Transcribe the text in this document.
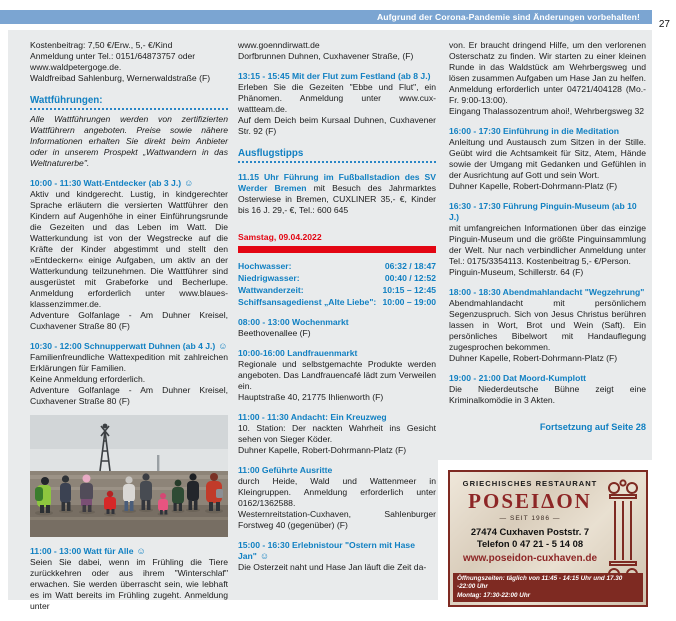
Aufgrund der Corona-Pandemie sind Änderungen vorbehalten!
27
Kostenbeitrag: 7,50 €/Erw., 5,- €/Kind
Anmeldung unter Tel.: 0151/64873757 oder
www.waldpetergoge.de.
Waldfreibad Sahlenburg, Wernerwaldstraße (F)
Wattführungen:
Alle Wattführungen werden von zertifizierten Wattführern angeboten. Preise sowie nähere Informationen erhalten Sie direkt beim Anbieter oder in unserem Prospekt „Wattwandern in das Weltnaturerbe".
10:00 - 11:30 Watt-Entdecker (ab 3 J.) ☺
Aktiv und kindgerecht. Lustig, in kindgerechter Sprache erläutern die versierten Wattführer den Kindern auf Augenhöhe in einer Einführungsrunde die Gezeiten und das Leben im Watt. Die Watterkundung ist von der Wegstrecke auf die Kräfte der Kinder abgestimmt und stellt den »Entdeckern« einige Aufgaben, um aktiv an der Watterkundung teilzunehmen. Die Wattführer sind ausgerüstet mit Grabeforke und Becherlupe. Anmeldung erforderlich unter www.blaues-klassenzimmer.de.
Adventure Golfanlage - Am Duhner Kreisel, Cuxhavener Straße 80 (F)
10:30 - 12:00 Schnupperwatt Duhnen (ab 4 J.) ☺
Familienfreundliche Wattexpedition mit zahlreichen Erklärungen für Familien.
Keine Anmeldung erforderlich.
Adventure Golfanlage - Am Duhner Kreisel, Cuxhavener Straße 80 (F)
11:00 - 13:00 Watt für Alle ☺
Seien Sie dabei, wenn im Frühling die Tiere zurückkehren oder aus ihrem "Winterschlaf" erwachen. Sie werden überrascht sein, wie lebhaft es im Watt bereits im Frühling zugeht. Anmeldung unter
www.goenndirwatt.de
Dorfbrunnen Duhnen, Cuxhavener Straße, (F)
13:15 - 15:45 Mit der Flut zum Festland (ab 8 J.)
Erleben Sie die Gezeiten "Ebbe und Flut", ein Phänomen. Anmeldung unter www.cux-wattteam.de.
Auf dem Deich beim Kursaal Duhnen, Cuxhavener Str. 92 (F)
Ausflugstipps
11.15 Uhr Führung im Fußballstadion des SV Werder Bremen mit Besuch des Jahrmarktes Osterwiese in Bremen, CUXLINER 35,- €, Kinder bis 16 J. 29,- €, Tel.: 600 645
Samstag, 09.04.2022
Hochwasser:	06:32 / 18:47
Niedrigwasser:	00:40 / 12:52
Wattwanderzeit:	10:15 – 12:45
Schiffsansagedienst „Alte Liebe": 10:00 – 19:00
08:00 - 13:00 Wochenmarkt
Beethovenallee (F)
10:00-16:00 Landfrauenmarkt
Regionale und selbstgemachte Produkte werden angeboten. Das Landfrauencafé lädt zum Verweilen ein.
Hauptstraße 40, 21775 Ihlienworth (F)
11:00 - 11:30 Andacht: Ein Kreuzweg
10. Station: Der nackten Wahrheit ins Gesicht sehen von Sieger Köder.
Duhner Kapelle, Robert-Dohrmann-Platz (F)
11:00 Geführte Ausritte
durch Heide, Wald und Wattenmeer in Kleingruppen. Anmeldung erforderlich unter 0162/1362588.
Westernreitstation-Cuxhaven, Sahlenburger Forstweg 40 (gegenüber) (F)
15:00 - 16:30 Erlebnistour "Ostern mit Hase Jan" ☺
Die Osterzeit naht und Hase Jan läuft die Zeit da-
von. Er braucht dringend Hilfe, um den verlorenen Osterschatz zu finden. Wir starten zu einer kleinen Runde in das Waldstück am Wehrbergsweg und lösen zusammen Aufgaben um Hase Jan zu helfen. Anmeldung erforderlich unter 04721/404128 (Mo.-Fr. 9:00-13:00).
Eingang Thalassozentrum ahoi!, Wehrbergsweg 32
16:00 - 17:30 Einführung in die Meditation
Anleitung und Austausch zum Sitzen in der Stille. Geübt wird die Achtsamkeit für Sitz, Atem, Hände sowie der Umgang mit Gedanken und Gefühlen in der Ausrichtung auf Gott und sein Wort.
Duhner Kapelle, Robert-Dohrmann-Platz (F)
16:30 - 17:30 Führung Pinguin-Museum (ab 10 J.)
mit umfangreichen Informationen über das einzige Pinguin-Museum und die größte Pinguinsammlung der Welt. Nur nach verbindlicher Anmeldung unter Tel.: 0175/3354113. Kostenbeitrag 5,- €/Person.
Pinguin-Museum, Schillerstr. 64 (F)
18:00 - 18:30 Abendmahlandacht "Wegzehrung"
Abendmahlandacht mit persönlichem Segenzuspruch. Sich von Jesus Christus berühren lassen in Wort, Brot und Wein (Saft). Ein persönliches Bibelwort mit Handauflegung zugesprochen bekommen.
Duhner Kapelle, Robert-Dohrmann-Platz (F)
19:00 - 21:00 Dat Moord-Kumplott
Die Niederdeutsche Bühne zeigt eine Kriminalkomödie in 3 Akten.
Fortsetzung auf Seite 28
GRIECHISCHES RESTAURANT
POSEIΔON
— SEIT 1986 —
27474 Cuxhaven Poststr. 7
Telefon 0 47 21 - 5 14 08
www.poseidon-cuxhaven.de
Öffnungszeiten: täglich von 11:45 - 14:15 Uhr und 17.30 -22:00 Uhr
Montag: 17:30-22:00 Uhr
